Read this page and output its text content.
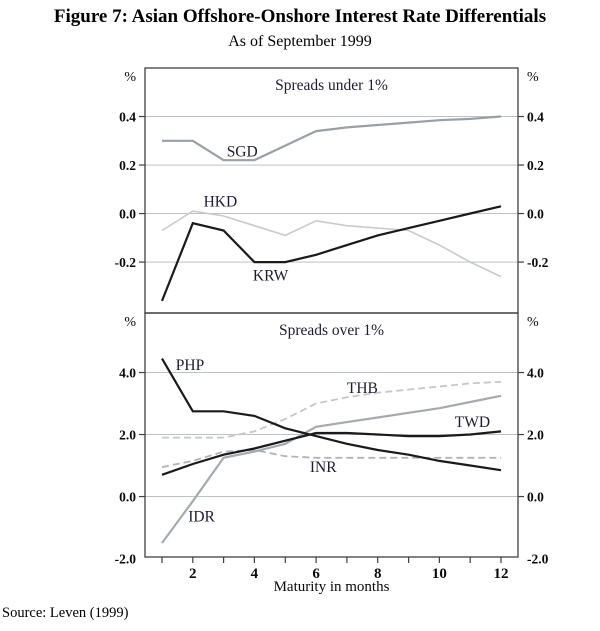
Figure 7: Asian Offshore-Onshore Interest Rate Differentials
As of September 1999
Source: Leven (1999)
0.4	0.4
0.2	0.2
0.0	0.0
-0.2	-0.2
HKD
SGD
KRW
Spreads under 1%
%	%
4.0	4.0
2.0	2.0
0.0	0.0
-2.0	-2.0
THB
INR
IDR
PHP
TWD
Spreads over 1%
%	%
2	4	6	8	10	12
Maturity in months
